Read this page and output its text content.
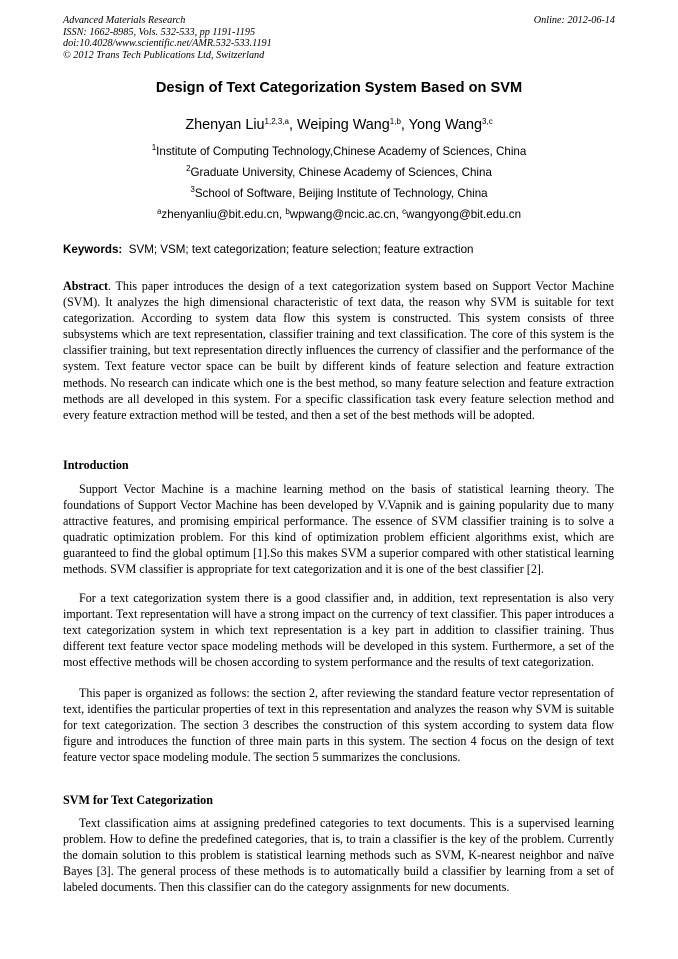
Advanced Materials Research
ISSN: 1662-8985, Vols. 532-533, pp 1191-1195
doi:10.4028/www.scientific.net/AMR.532-533.1191
© 2012 Trans Tech Publications Ltd, Switzerland
Online: 2012-06-14
Design of Text Categorization System Based on SVM
Zhenyan Liu$^{1,2,3,a}$, Weiping Wang$^{1,b}$, Yong Wang$^{3,c}$
$^1$Institute of Computing Technology,Chinese Academy of Sciences, China
$^2$Graduate University, Chinese Academy of Sciences, China
$^3$School of Software, Beijing Institute of Technology, China
$^a$zhenyanliu@bit.edu.cn, $^b$wpwang@ncic.ac.cn, $^c$wangyong@bit.edu.cn
Keywords: SVM; VSM; text categorization; feature selection; feature extraction
Abstract. This paper introduces the design of a text categorization system based on Support Vector Machine (SVM). It analyzes the high dimensional characteristic of text data, the reason why SVM is suitable for text categorization. According to system data flow this system is constructed. This system consists of three subsystems which are text representation, classifier training and text classification. The core of this system is the classifier training, but text representation directly influences the currency of classifier and the performance of the system. Text feature vector space can be built by different kinds of feature selection and feature extraction methods. No research can indicate which one is the best method, so many feature selection and feature extraction methods are all developed in this system. For a specific classification task every feature selection method and every feature extraction method will be tested, and then a set of the best methods will be adopted.
Introduction
Support Vector Machine is a machine learning method on the basis of statistical learning theory. The foundations of Support Vector Machine has been developed by V.Vapnik and is gaining popularity due to many attractive features, and promising empirical performance. The essence of SVM classifier training is to solve a quadratic optimization problem. For this kind of optimization problem efficient algorithms exist, which are guaranteed to find the global optimum [1].So this makes SVM a superior compared with other statistical learning methods. SVM classifier is appropriate for text categorization and it is one of the best classifier [2].
For a text categorization system there is a good classifier and, in addition, text representation is also very important. Text representation will have a strong impact on the currency of text classifier. This paper introduces a text categorization system in which text representation is a key part in addition to classifier training. Thus different text feature vector space modeling methods will be developed in this system. Furthermore, a set of the most effective methods will be chosen according to system performance and the results of text categorization.
This paper is organized as follows: the section 2, after reviewing the standard feature vector representation of text, identifies the particular properties of text in this representation and analyzes the reason why SVM is suitable for text categorization. The section 3 describes the construction of this system according to system data flow figure and introduces the function of three main parts in this system. The section 4 focus on the design of text feature vector space modeling module. The section 5 summarizes the conclusions.
SVM for Text Categorization
Text classification aims at assigning predefined categories to text documents. This is a supervised learning problem. How to define the predefined categories, that is, to train a classifier is the key of the problem. Currently the domain solution to this problem is statistical learning methods such as SVM, K-nearest neighbor and naïve Bayes [3]. The general process of these methods is to automatically build a classifier by learning from a set of labeled documents. Then this classifier can do the category assignments for new documents.
